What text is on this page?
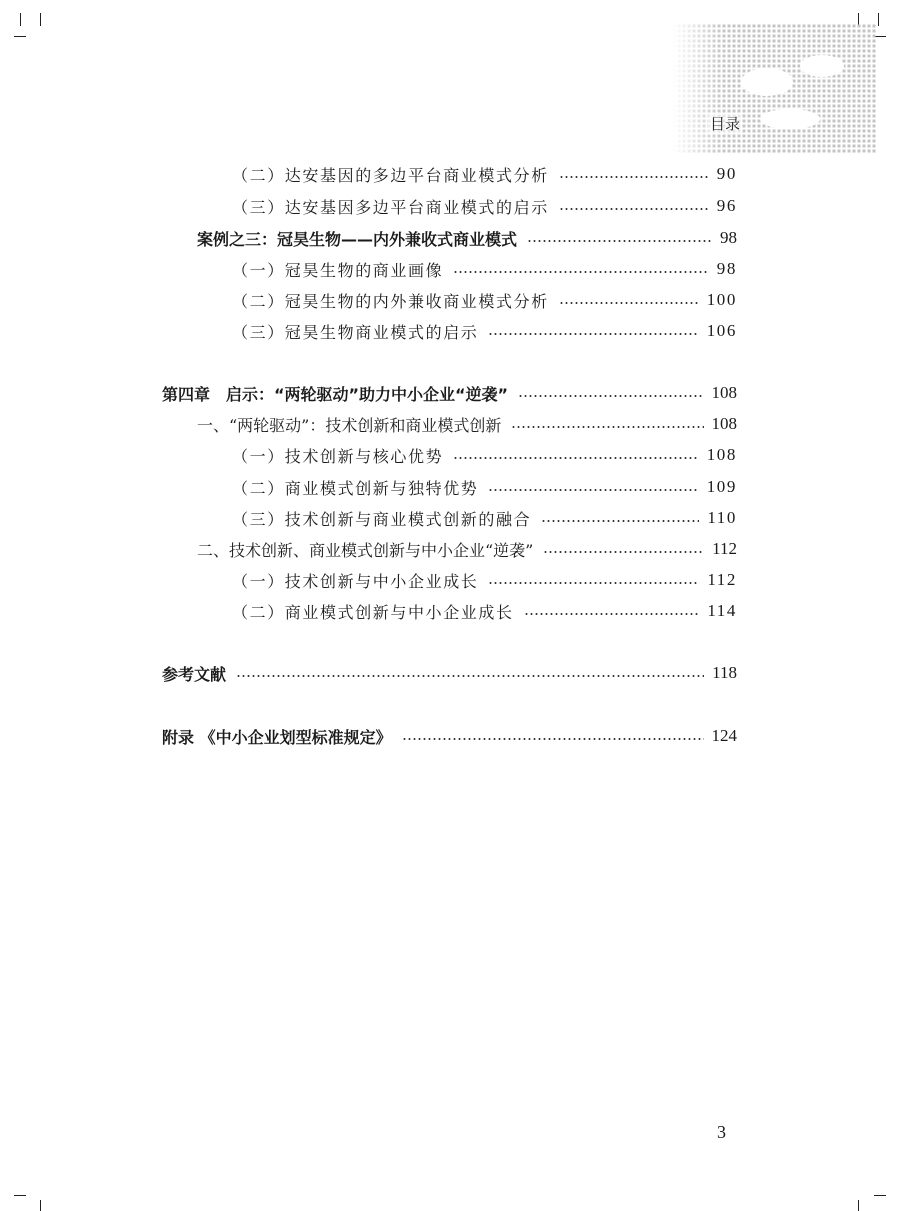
目录
（二）达安基因的多边平台商业模式分析	90
（三）达安基因多边平台商业模式的启示	96
案例之三：冠昊生物——内外兼收式商业模式	98
（一）冠昊生物的商业画像	98
（二）冠昊生物的内外兼收商业模式分析	100
（三）冠昊生物商业模式的启示	106
第四章　启示：“两轮驱动”助力中小企业“逆袭”	108
一、“两轮驱动”：技术创新和商业模式创新	108
（一）技术创新与核心优势	108
（二）商业模式创新与独特优势	109
（三）技术创新与商业模式创新的融合	110
二、技术创新、商业模式创新与中小企业“逆袭”	112
（一）技术创新与中小企业成长	112
（二）商业模式创新与中小企业成长	114
参考文献	118
附录 《中小企业划型标准规定》	124
3
